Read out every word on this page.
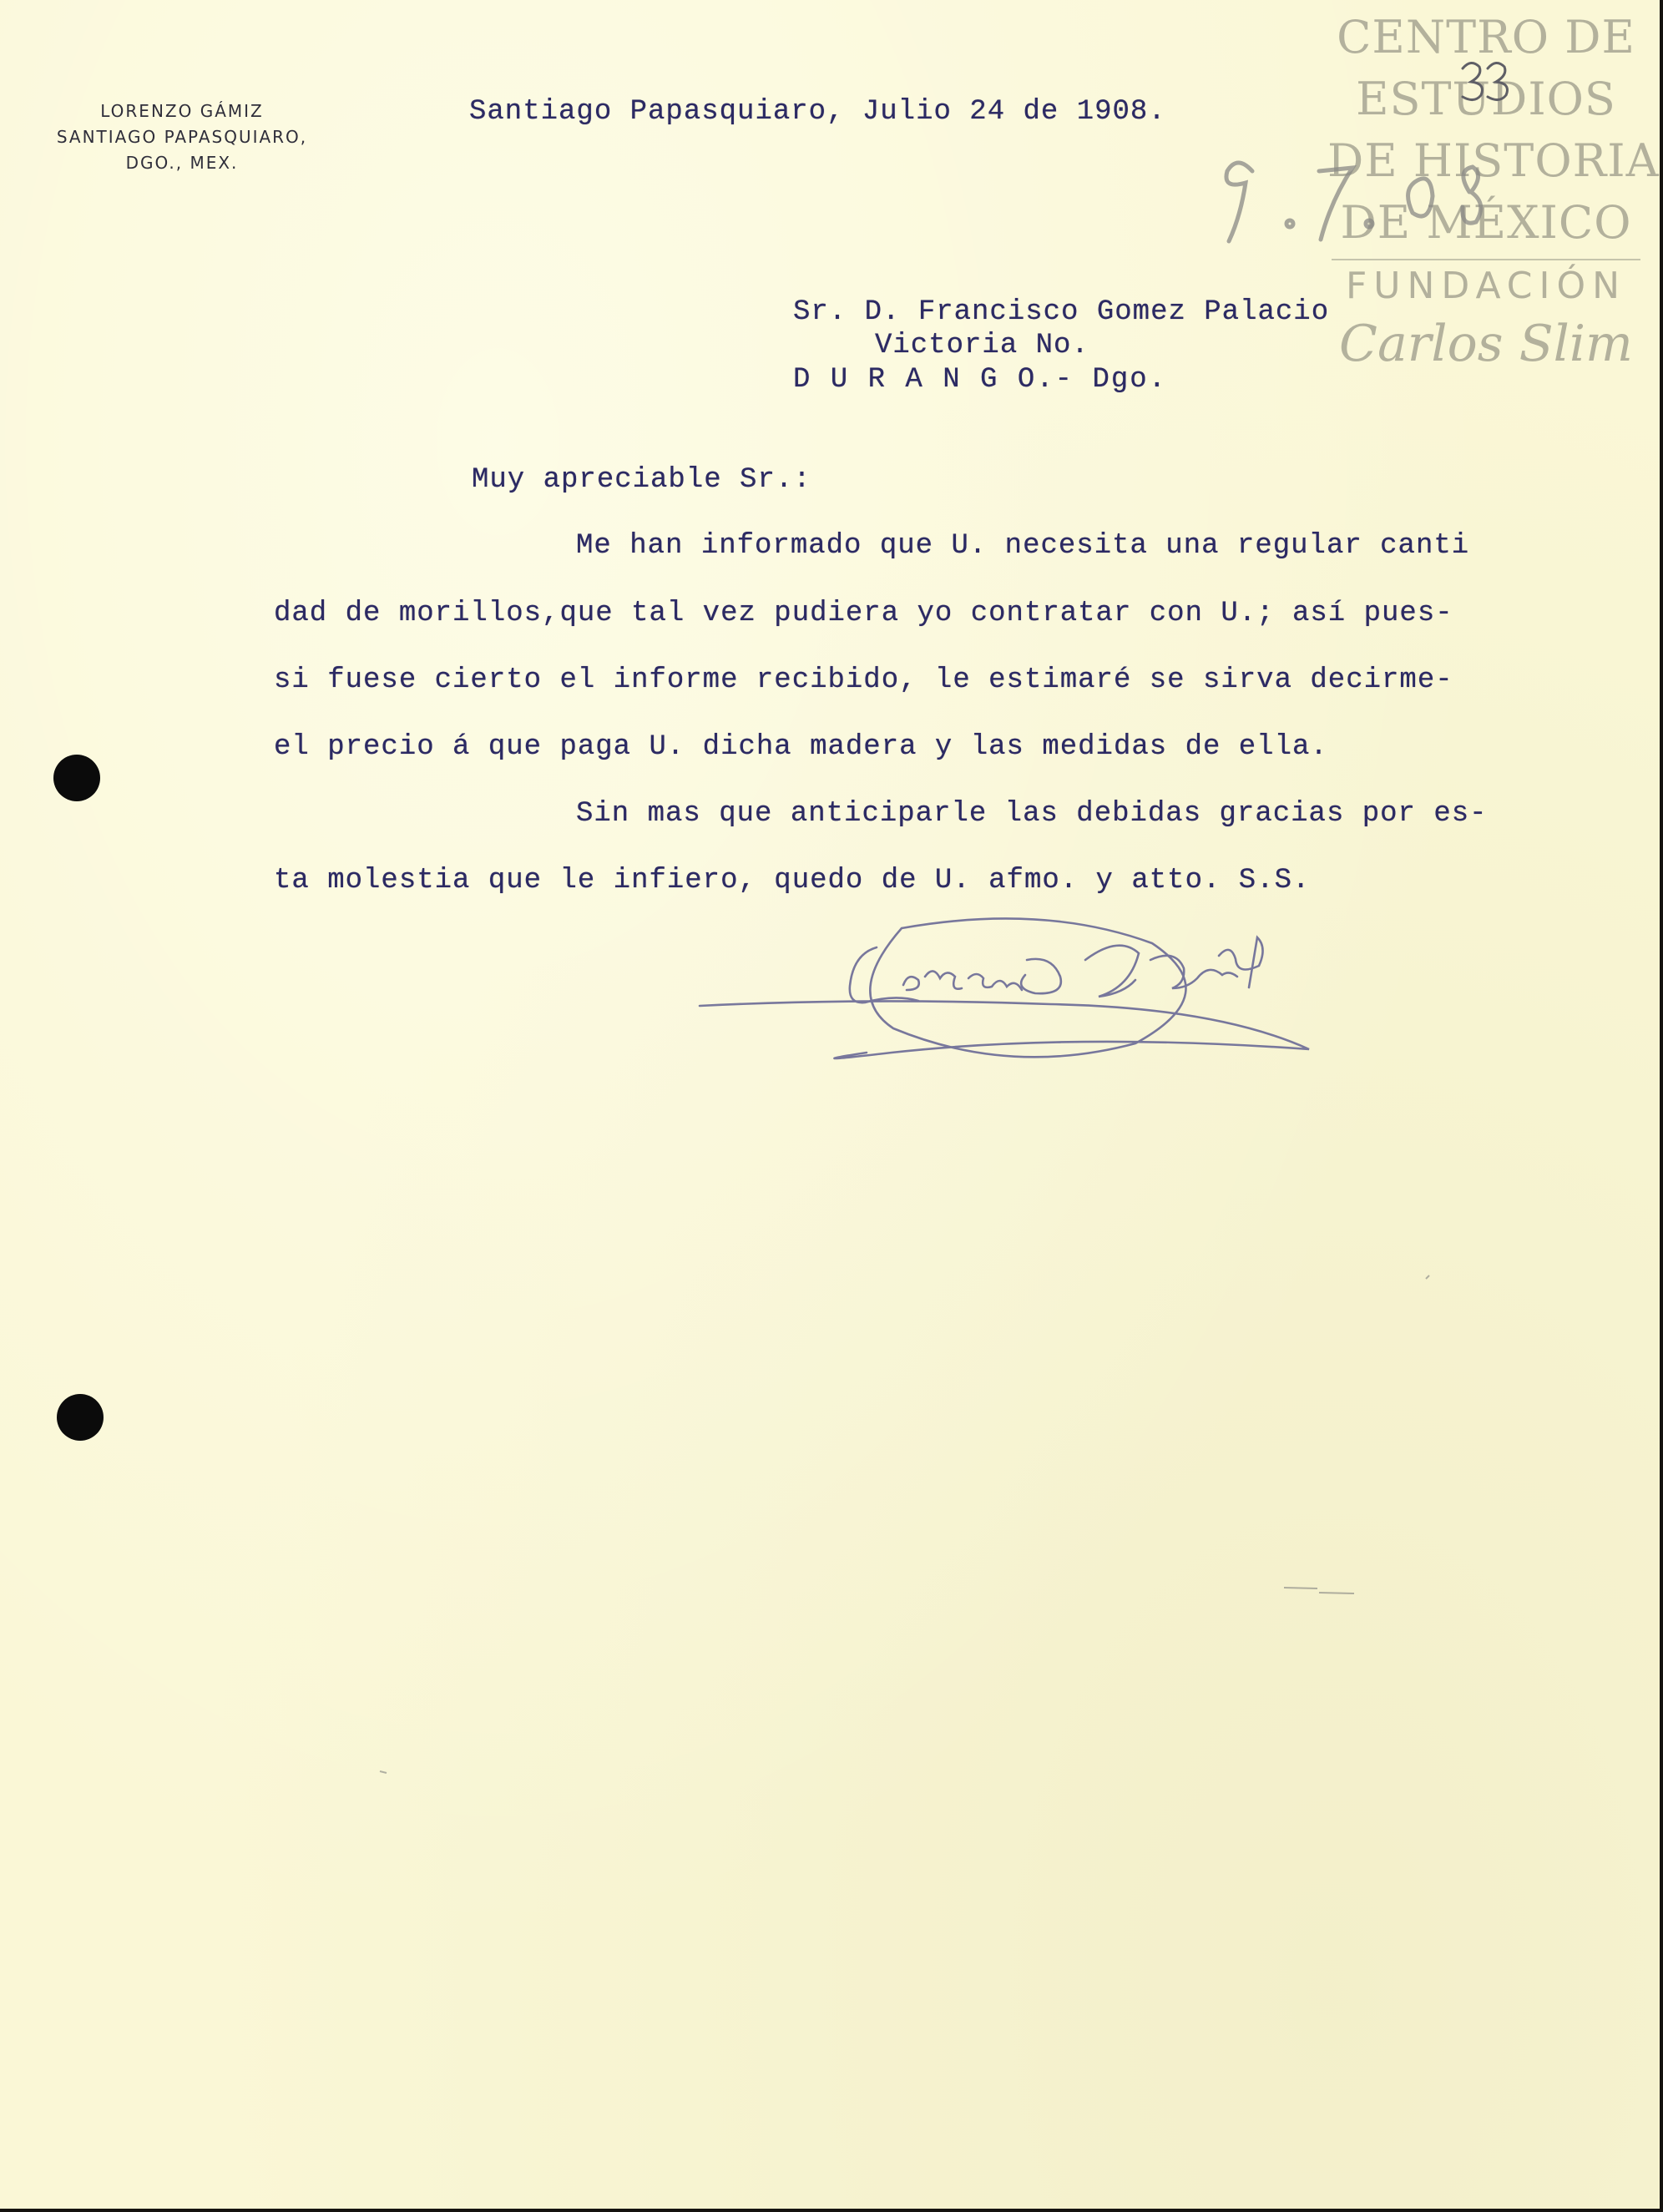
LORENZO GÁMIZ
SANTIAGO PAPASQUIARO,
DGO., MEX.
CENTRO DE
ESTUDIOS
DE HISTORIA
DE MÉXICO
FUNDACIÓN
Carlos Slim
Santiago Papasquiaro, Julio 24 de 1908.
Sr. D. Francisco Gomez Palacio
Victoria No.
D U R A N G O.- Dgo.
Muy apreciable Sr.:
Me han informado que U. necesita una regular canti
dad de morillos,que tal vez pudiera yo contratar con U.; así pues-
si fuese cierto el informe recibido, le estimaré se sirva decirme-
el precio á que paga U. dicha madera y las medidas de ella.
Sin mas que anticiparle las debidas gracias por es-
ta molestia que le infiero, quedo de U. afmo. y atto. S.S.
